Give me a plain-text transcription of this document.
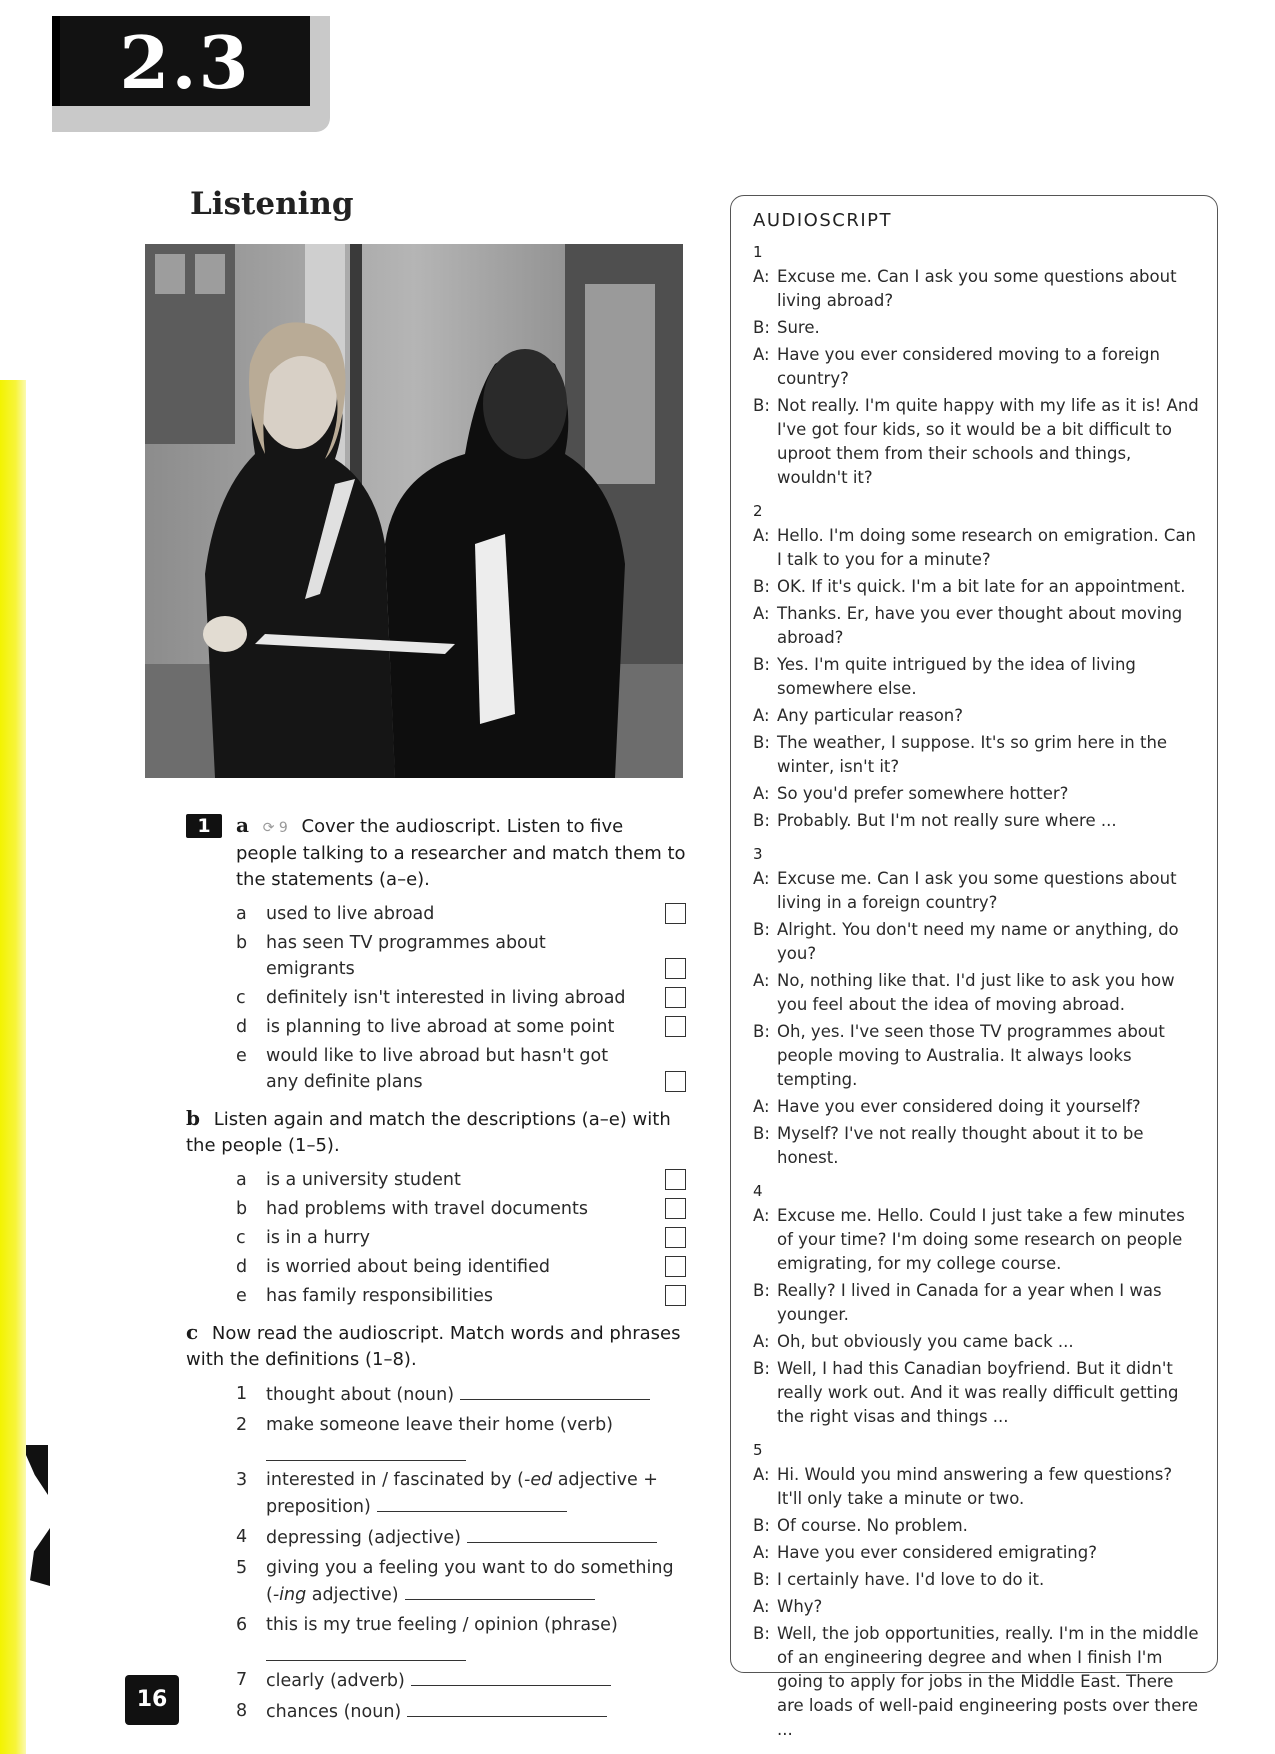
2.3
Listening
1	a ⟳ 9 Cover the audioscript. Listen to five people talking to a researcher and match them to the statements (a–e).
a used to live abroad
b has seen TV programmes about emigrants
c definitely isn't interested in living abroad
d is planning to live abroad at some point
e would like to live abroad but hasn't got any definite plans
b Listen again and match the descriptions (a–e) with the people (1–5).
a is a university student
b had problems with travel documents
c is in a hurry
d is worried about being identified
e has family responsibilities
c Now read the audioscript. Match words and phrases with the definitions (1–8).
1 thought about (noun)
2 make someone leave their home (verb)
3 interested in / fascinated by (-ed adjective + preposition)
4 depressing (adjective)
5 giving you a feeling you want to do something (-ing adjective)
6 this is my true feeling / opinion (phrase)
7 clearly (adverb)
8 chances (noun)
AUDIOSCRIPT
1
A: Excuse me. Can I ask you some questions about living abroad?
B: Sure.
A: Have you ever considered moving to a foreign country?
B: Not really. I'm quite happy with my life as it is! And I've got four kids, so it would be a bit difficult to uproot them from their schools and things, wouldn't it?
2
A: Hello. I'm doing some research on emigration. Can I talk to you for a minute?
B: OK. If it's quick. I'm a bit late for an appointment.
A: Thanks. Er, have you ever thought about moving abroad?
B: Yes. I'm quite intrigued by the idea of living somewhere else.
A: Any particular reason?
B: The weather, I suppose. It's so grim here in the winter, isn't it?
A: So you'd prefer somewhere hotter?
B: Probably. But I'm not really sure where ...
3
A: Excuse me. Can I ask you some questions about living in a foreign country?
B: Alright. You don't need my name or anything, do you?
A: No, nothing like that. I'd just like to ask you how you feel about the idea of moving abroad.
B: Oh, yes. I've seen those TV programmes about people moving to Australia. It always looks tempting.
A: Have you ever considered doing it yourself?
B: Myself? I've not really thought about it to be honest.
4
A: Excuse me. Hello. Could I just take a few minutes of your time? I'm doing some research on people emigrating, for my college course.
B: Really? I lived in Canada for a year when I was younger.
A: Oh, but obviously you came back ...
B: Well, I had this Canadian boyfriend. But it didn't really work out. And it was really difficult getting the right visas and things ...
5
A: Hi. Would you mind answering a few questions? It'll only take a minute or two.
B: Of course. No problem.
A: Have you ever considered emigrating?
B: I certainly have. I'd love to do it.
A: Why?
B: Well, the job opportunities, really. I'm in the middle of an engineering degree and when I finish I'm going to apply for jobs in the Middle East. There are loads of well-paid engineering posts over there ...
16
